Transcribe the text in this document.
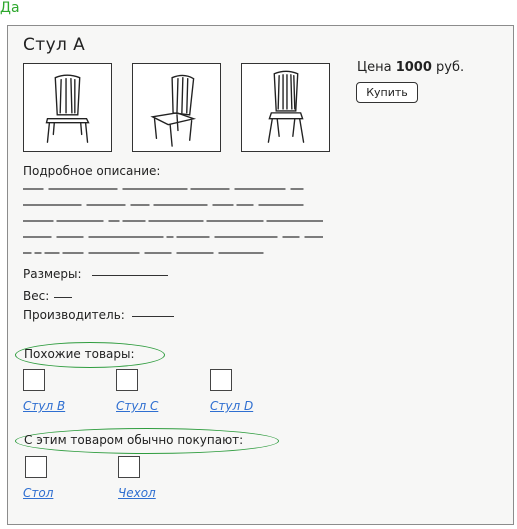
Да
Стул А
Цена 1000 руб.
Купить
Подробное описание:
Размеры:
Вес:
Производитель:
Похожие товары:
Стул В	Стул С	Стул D
С этим товаром обычно покупают:
Стол	Чехол
